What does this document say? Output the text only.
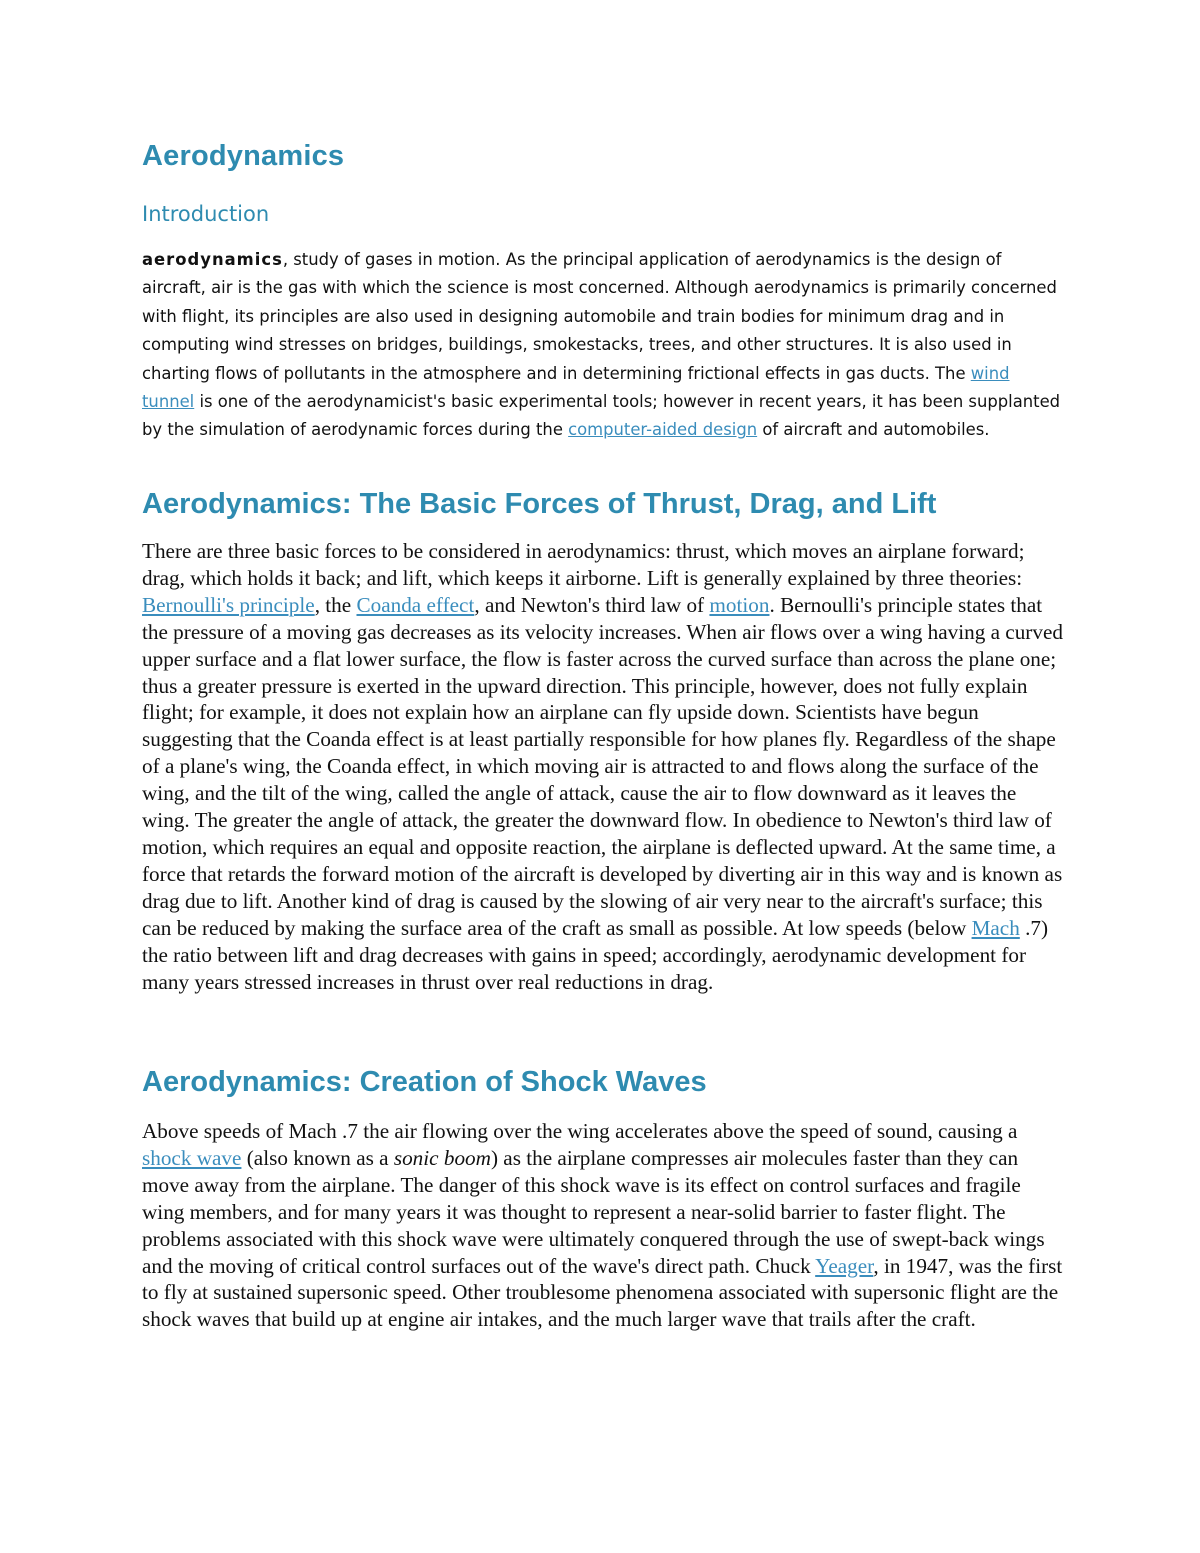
Aerodynamics
Introduction

aerodynamics, study of gases in motion. As the principal application of aerodynamics is the design of aircraft, air is the gas with which the science is most concerned. Although aerodynamics is primarily concerned with flight, its principles are also used in designing automobile and train bodies for minimum drag and in computing wind stresses on bridges, buildings, smokestacks, trees, and other structures. It is also used in charting flows of pollutants in the atmosphere and in determining frictional effects in gas ducts. The wind tunnel is one of the aerodynamicist's basic experimental tools; however in recent years, it has been supplanted by the simulation of aerodynamic forces during the computer-aided design of aircraft and automobiles.

Aerodynamics: The Basic Forces of Thrust, Drag, and Lift

There are three basic forces to be considered in aerodynamics: thrust, which moves an airplane forward; drag, which holds it back; and lift, which keeps it airborne. Lift is generally explained by three theories: Bernoulli's principle, the Coanda effect, and Newton's third law of motion. Bernoulli's principle states that the pressure of a moving gas decreases as its velocity increases. When air flows over a wing having a curved upper surface and a flat lower surface, the flow is faster across the curved surface than across the plane one; thus a greater pressure is exerted in the upward direction. This principle, however, does not fully explain flight; for example, it does not explain how an airplane can fly upside down. Scientists have begun suggesting that the Coanda effect is at least partially responsible for how planes fly. Regardless of the shape of a plane's wing, the Coanda effect, in which moving air is attracted to and flows along the surface of the wing, and the tilt of the wing, called the angle of attack, cause the air to flow downward as it leaves the wing. The greater the angle of attack, the greater the downward flow. In obedience to Newton's third law of motion, which requires an equal and opposite reaction, the airplane is deflected upward. At the same time, a force that retards the forward motion of the aircraft is developed by diverting air in this way and is known as drag due to lift. Another kind of drag is caused by the slowing of air very near to the aircraft's surface; this can be reduced by making the surface area of the craft as small as possible. At low speeds (below Mach .7) the ratio between lift and drag decreases with gains in speed; accordingly, aerodynamic development for many years stressed increases in thrust over real reductions in drag.

Aerodynamics: Creation of Shock Waves

Above speeds of Mach .7 the air flowing over the wing accelerates above the speed of sound, causing a shock wave (also known as a sonic boom) as the airplane compresses air molecules faster than they can move away from the airplane. The danger of this shock wave is its effect on control surfaces and fragile wing members, and for many years it was thought to represent a near-solid barrier to faster flight. The problems associated with this shock wave were ultimately conquered through the use of swept-back wings and the moving of critical control surfaces out of the wave's direct path. Chuck Yeager, in 1947, was the first to fly at sustained supersonic speed. Other troublesome phenomena associated with supersonic flight are the shock waves that build up at engine air intakes, and the much larger wave that trails after the craft.
